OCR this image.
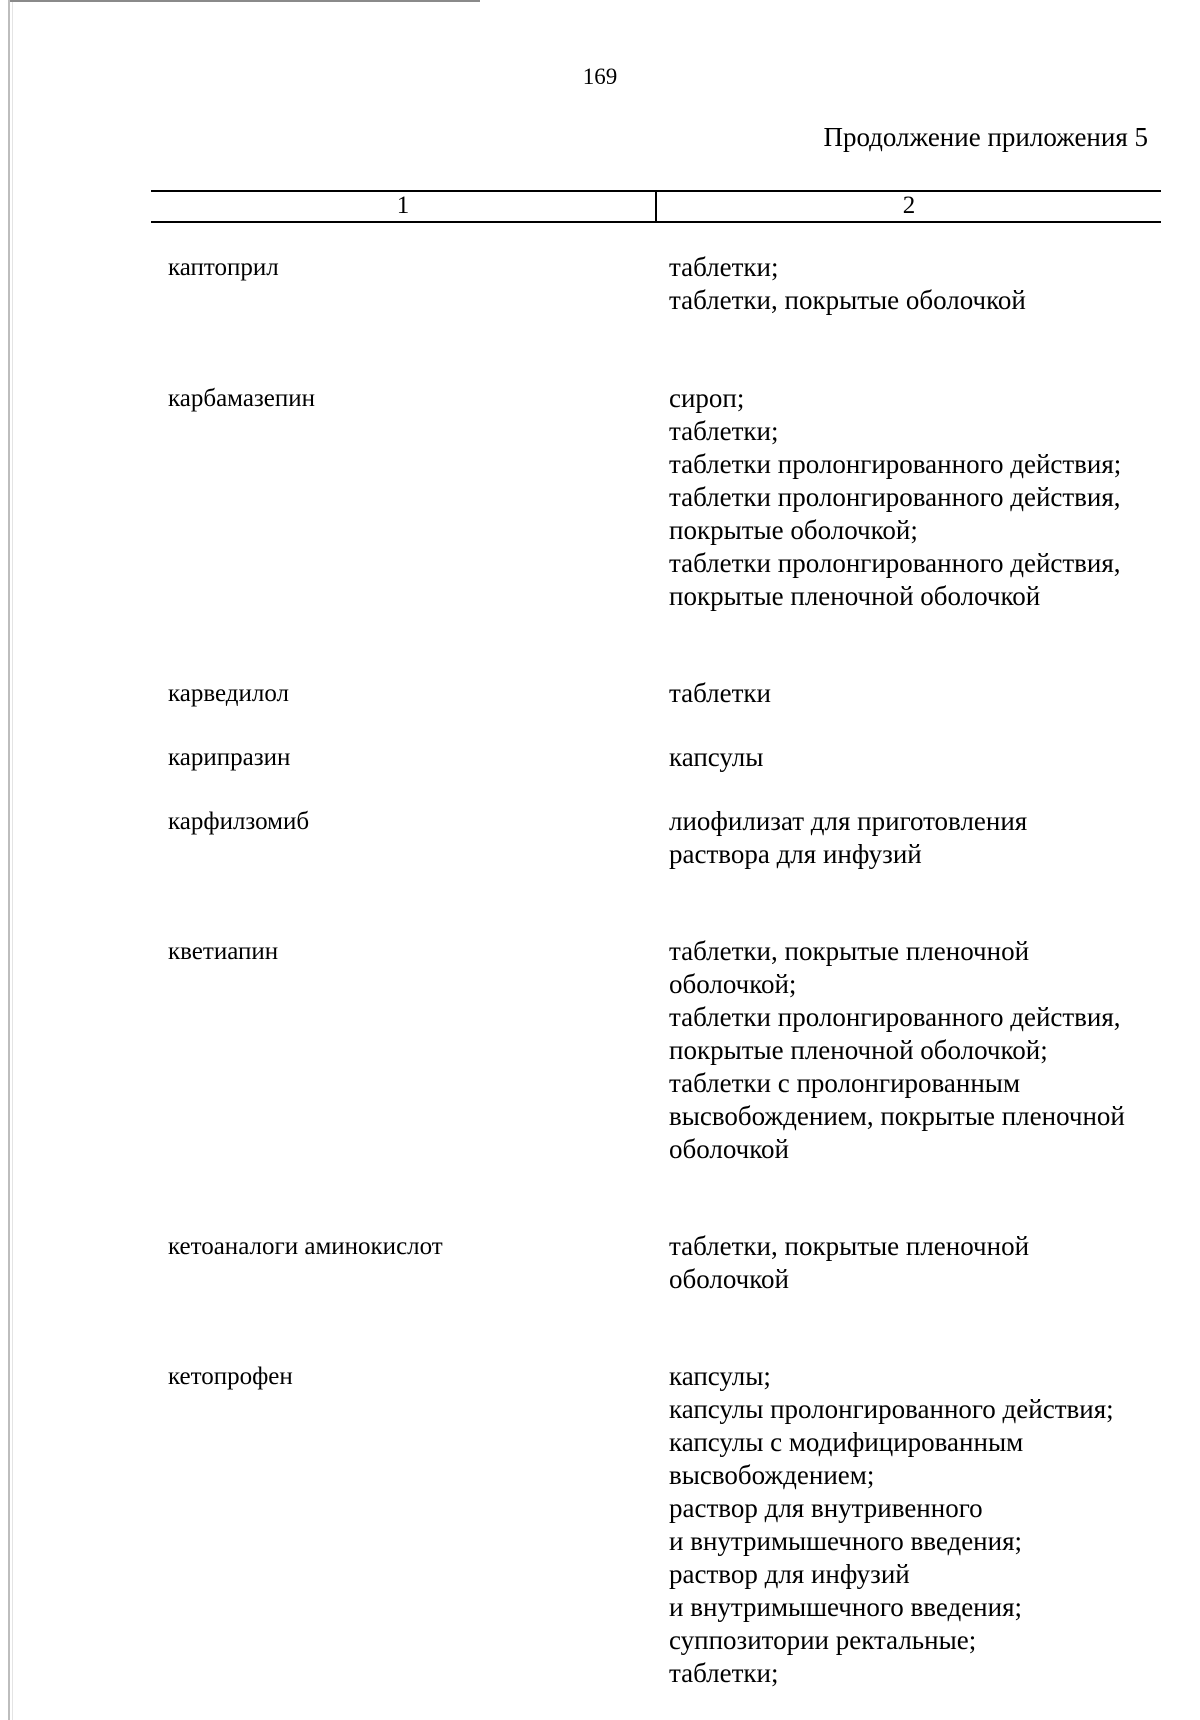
169
Продолжение приложения 5
1	2
каптоприл	таблетки;
таблетки, покрытые оболочкой
карбамазепин	сироп;
таблетки;
таблетки пролонгированного действия;
таблетки пролонгированного действия,
покрытые оболочкой;
таблетки пролонгированного действия,
покрытые пленочной оболочкой
карведилол	таблетки
карипразин	капсулы
карфилзомиб	лиофилизат для приготовления
раствора для инфузий
кветиапин	таблетки, покрытые пленочной
оболочкой;
таблетки пролонгированного действия,
покрытые пленочной оболочкой;
таблетки с пролонгированным
высвобождением, покрытые пленочной
оболочкой
кетоаналоги аминокислот	таблетки, покрытые пленочной
оболочкой
кетопрофен	капсулы;
капсулы пролонгированного действия;
капсулы с модифицированным
высвобождением;
раствор для внутривенного
и внутримышечного введения;
раствор для инфузий
и внутримышечного введения;
суппозитории ректальные;
таблетки;
